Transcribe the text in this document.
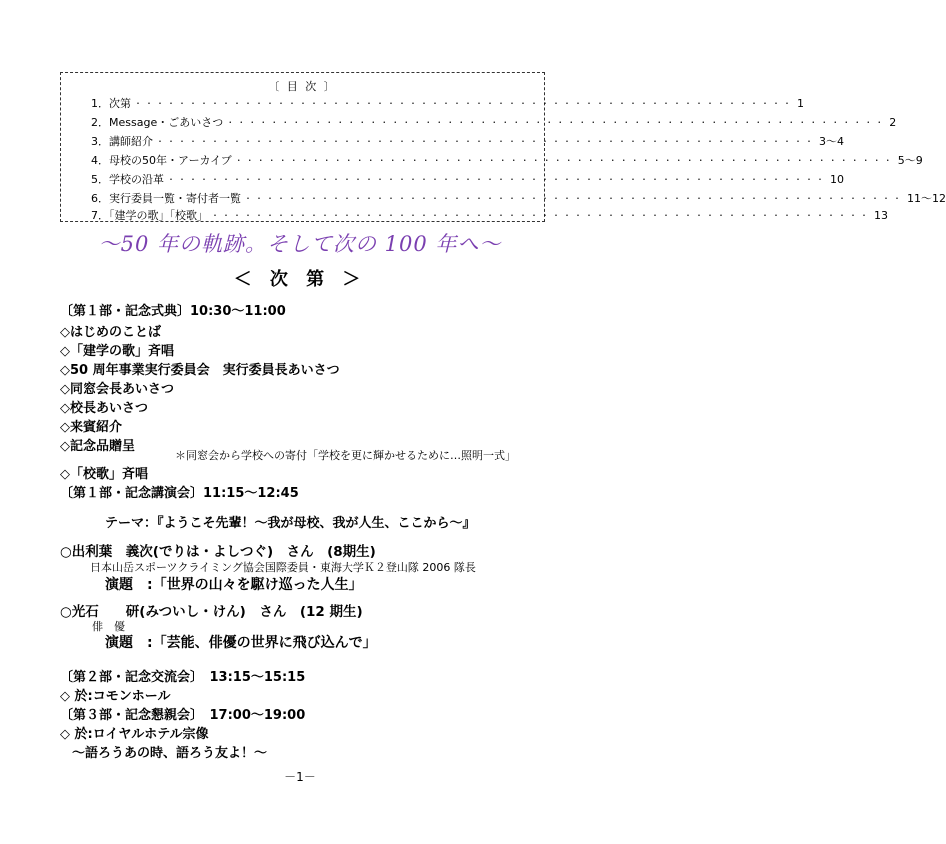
〔 目 次 〕
1．次第 ・・・・・・・・・・・・・・・・・・・・・・・・・・・・・・・・・・・・・・・・・・・・・・・・・・・・・・・・・・・・ 1
2．Message・ごあいさつ ・・・・・・・・・・・・・・・・・・・・・・・・・・・・・・・・・・・・・・・・・・・・・・・・・・・・・・・・・・・・ 2
3．講師紹介 ・・・・・・・・・・・・・・・・・・・・・・・・・・・・・・・・・・・・・・・・・・・・・・・・・・・・・・・・・・・・ 3～4
4．母校の50年・アーカイブ ・・・・・・・・・・・・・・・・・・・・・・・・・・・・・・・・・・・・・・・・・・・・・・・・・・・・・・・・・・・・ 5～9
5．学校の沿革 ・・・・・・・・・・・・・・・・・・・・・・・・・・・・・・・・・・・・・・・・・・・・・・・・・・・・・・・・・・・・ 10
6．実行委員一覧・寄付者一覧 ・・・・・・・・・・・・・・・・・・・・・・・・・・・・・・・・・・・・・・・・・・・・・・・・・・・・・・・・・・・・ 11～12
7．「建学の歌」「校歌」 ・・・・・・・・・・・・・・・・・・・・・・・・・・・・・・・・・・・・・・・・・・・・・・・・・・・・・・・・・・・・ 13
～50 年の軌跡。そして次の 100 年へ～
＜ 次 第 ＞
〔第１部・記念式典〕10:30～11:00
◇はじめのことば
◇「建学の歌」斉唱
◇50 周年事業実行委員会　実行委員長あいさつ
◇同窓会長あいさつ
◇校長あいさつ
◇来賓紹介
◇記念品贈呈
＊同窓会から学校への寄付「学校を更に輝かせるために…照明一式」
◇「校歌」斉唱
〔第１部・記念講演会〕11:15～12:45
テーマ：『ようこそ先輩！～我が母校、我が人生、ここから～』
○出利葉　義次(でりは・よしつぐ)　さん　(8期生)
日本山岳スポーツクライミング協会国際委員・東海大学Ｋ２登山隊 2006 隊長
演題　:「世界の山々を駆け巡った人生」
○光石　　研(みついし・けん)　さん　(12 期生)
俳　優
演題　:「芸能、俳優の世界に飛び込んで」
〔第２部・記念交流会〕　13:15～15:15
◇ 於:コモンホール
〔第３部・記念懇親会〕　17:00～19:00
◇ 於:ロイヤルホテル宗像
～語ろうあの時、語ろう友よ！～
－1－
